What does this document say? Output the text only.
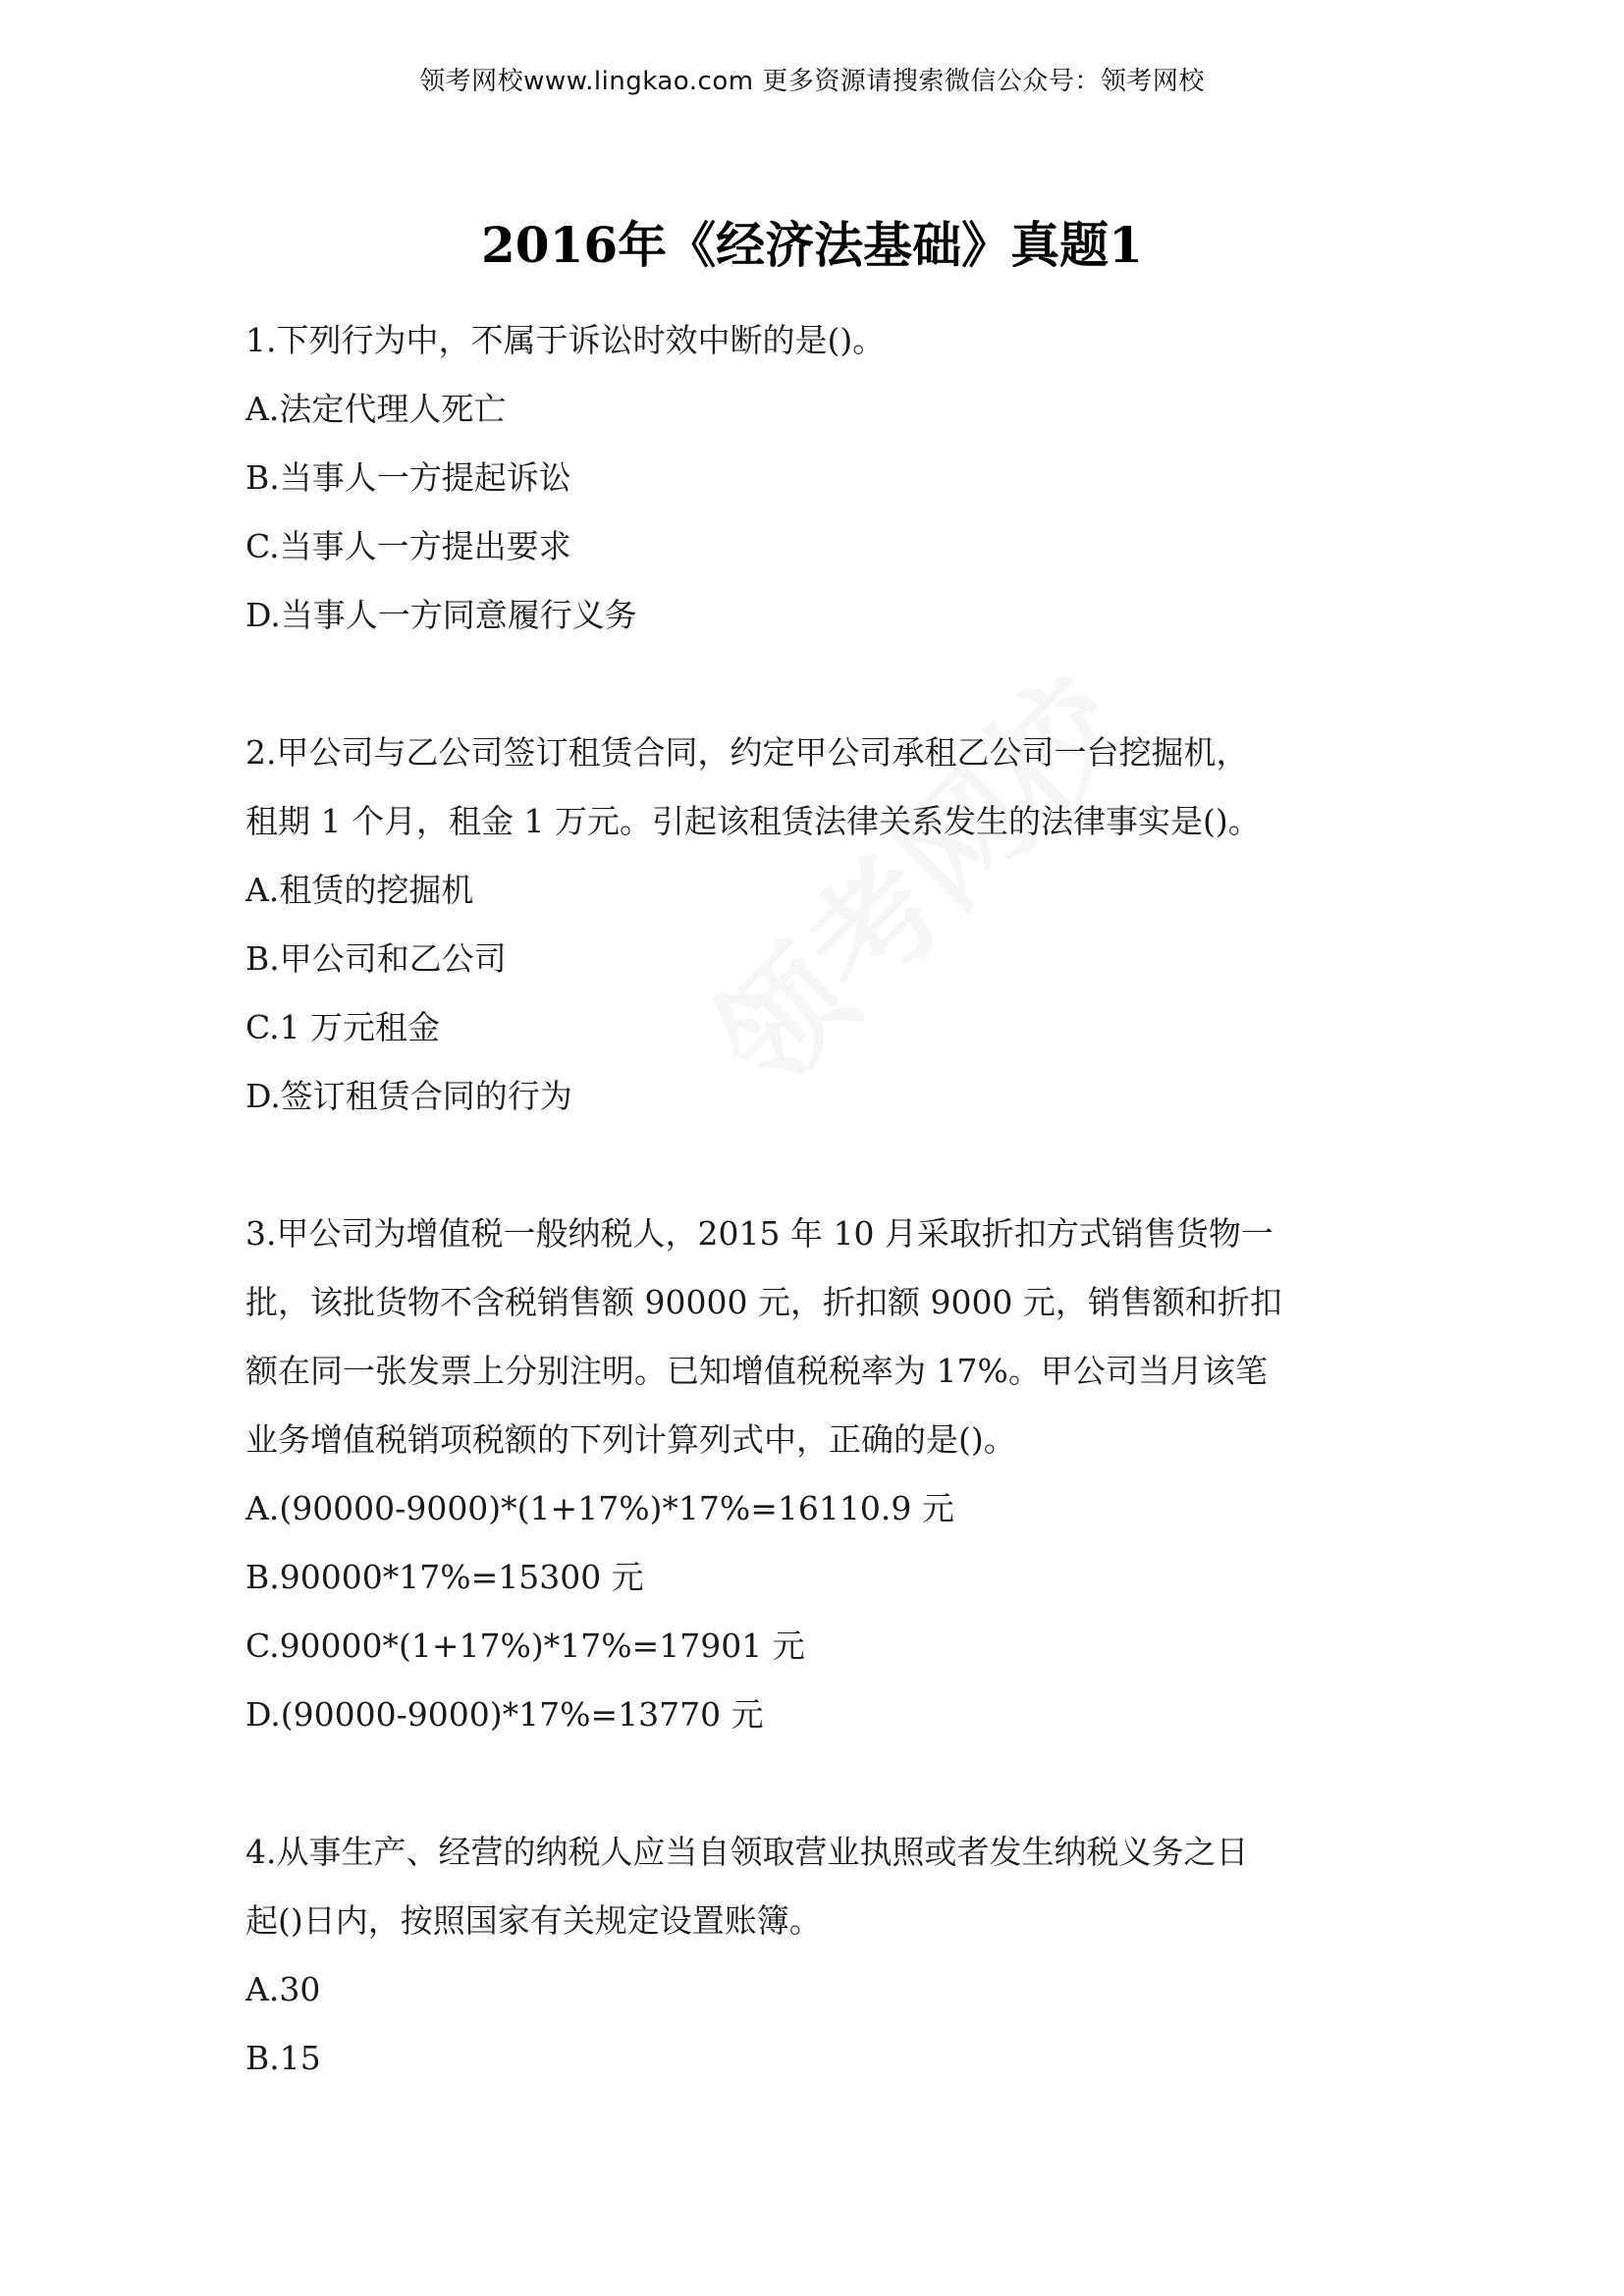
领考网校www.lingkao.com 更多资源请搜索微信公众号：领考网校
2016年《经济法基础》真题1

1.下列行为中，不属于诉讼时效中断的是()。

A.法定代理人死亡

B.当事人一方提起诉讼

C.当事人一方提出要求

D.当事人一方同意履行义务

2.甲公司与乙公司签订租赁合同，约定甲公司承租乙公司一台挖掘机，

租期 1 个月，租金 1 万元。引起该租赁法律关系发生的法律事实是()。

A.租赁的挖掘机

B.甲公司和乙公司

C.1 万元租金

D.签订租赁合同的行为

3.甲公司为增值税一般纳税人，2015 年 10 月采取折扣方式销售货物一

批，该批货物不含税销售额 90000 元，折扣额 9000 元，销售额和折扣

额在同一张发票上分别注明。已知增值税税率为 17%。甲公司当月该笔

业务增值税销项税额的下列计算列式中，正确的是()。

A.(90000-9000)*(1+17%)*17%=16110.9 元

B.90000*17%=15300 元

C.90000*(1+17%)*17%=17901 元

D.(90000-9000)*17%=13770 元

4.从事生产、经营的纳税人应当自领取营业执照或者发生纳税义务之日

起()日内，按照国家有关规定设置账簿。

A.30

B.15
